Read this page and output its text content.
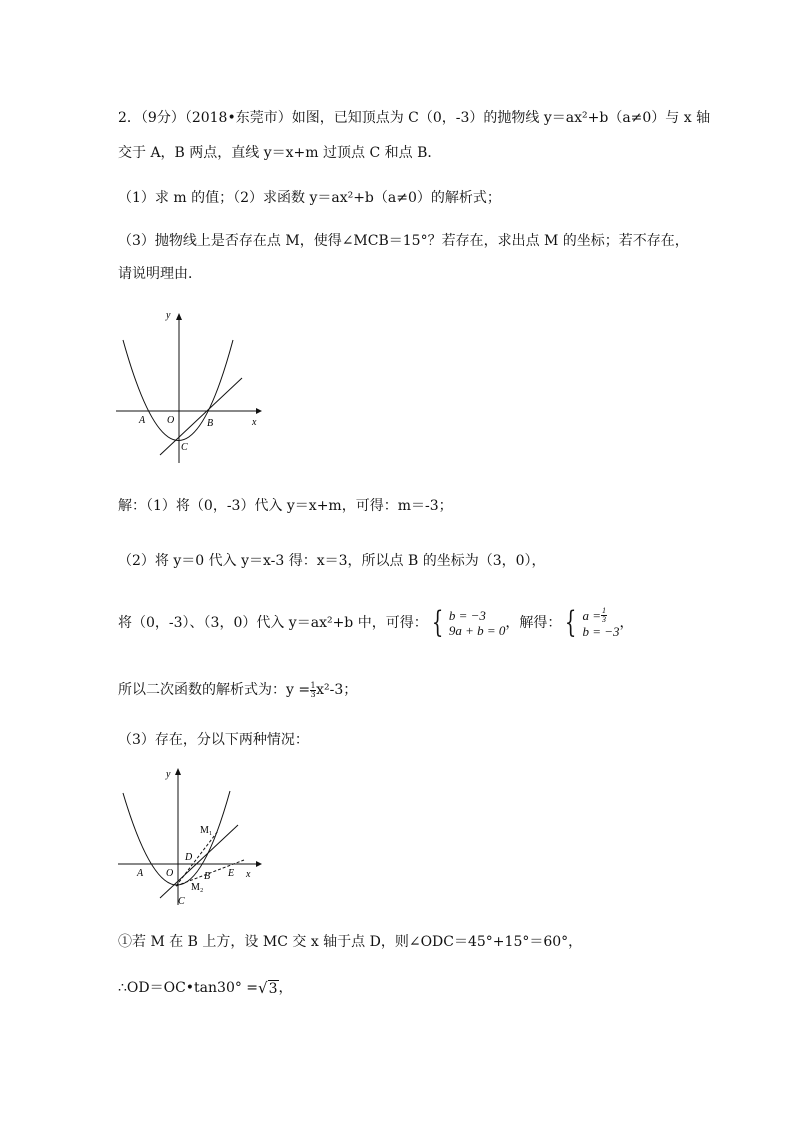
2．（9分）（2018•东莞市）如图，已知顶点为 C（0，-3）的抛物线 y＝ax²+b（a≠0）与 x 轴
交于 A，B 两点，直线 y＝x+m 过顶点 C 和点 B．
（1）求 m 的值；（2）求函数 y＝ax²+b（a≠0）的解析式；
（3）抛物线上是否存在点 M，使得∠MCB＝15°？若存在，求出点 M 的坐标；若不存在，
请说明理由．
y
x
O
A	B
C
解：（1）将（0，-3）代入 y＝x+m，可得：m＝-3；
（2）将 y＝0 代入 y＝x-3 得：x＝3，所以点 B 的坐标为（3，0），
将（0，-3）、（3，0）代入 y＝ax²+b 中，可得： { b = −3
9a + b = 0 ，解得： { $a = \frac{1}{3}$
b = −3
，
所以二次函数的解析式为：$y = \frac{1}{3} x^2-3$；
（3）存在，分以下两种情况：
y
x
O
A	B
C
D
E
M₁
M₂
①若 M 在 B 上方，设 MC 交 x 轴于点 D，则∠ODC＝45°+15°＝60°，
∴OD＝OC•tan30° = √ 3 ，
